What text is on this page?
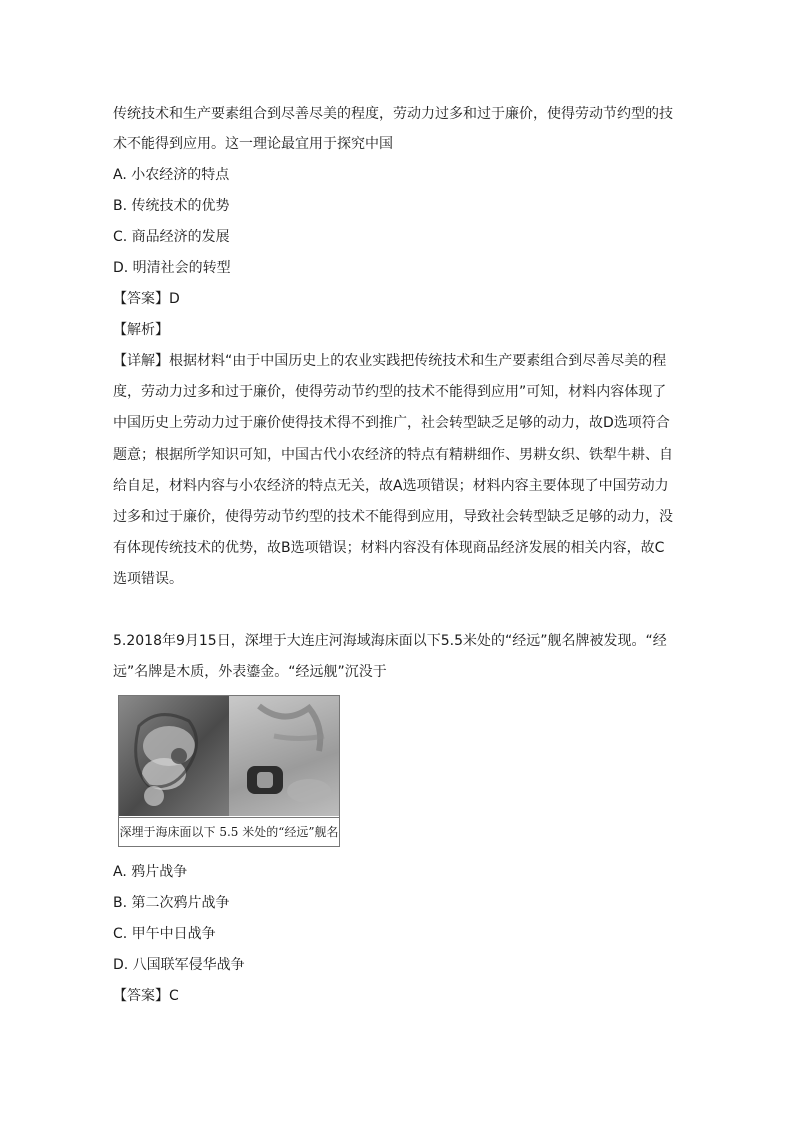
传统技术和生产要素组合到尽善尽美的程度，劳动力过多和过于廉价，使得劳动节约型的技
术不能得到应用。这一理论最宜用于探究中国
A. 小农经济的特点
B. 传统技术的优势
C. 商品经济的发展
D. 明清社会的转型
【答案】D
【解析】
【详解】根据材料“由于中国历史上的农业实践把传统技术和生产要素组合到尽善尽美的程
度，劳动力过多和过于廉价，使得劳动节约型的技术不能得到应用”可知，材料内容体现了
中国历史上劳动力过于廉价使得技术得不到推广，社会转型缺乏足够的动力，故D选项符合
题意；根据所学知识可知，中国古代小农经济的特点有精耕细作、男耕女织、铁犁牛耕、自
给自足，材料内容与小农经济的特点无关，故A选项错误；材料内容主要体现了中国劳动力
过多和过于廉价，使得劳动节约型的技术不能得到应用，导致社会转型缺乏足够的动力，没
有体现传统技术的优势，故B选项错误；材料内容没有体现商品经济发展的相关内容，故C
选项错误。
5.2018年9月15日，深埋于大连庄河海域海床面以下5.5米处的“经远”舰名牌被发现。“经
远”名牌是木质，外表鎏金。“经远舰”沉没于
深埋于海床面以下 5.5 米处的“经远”舰名
A. 鸦片战争
B. 第二次鸦片战争
C. 甲午中日战争
D. 八国联军侵华战争
【答案】C
